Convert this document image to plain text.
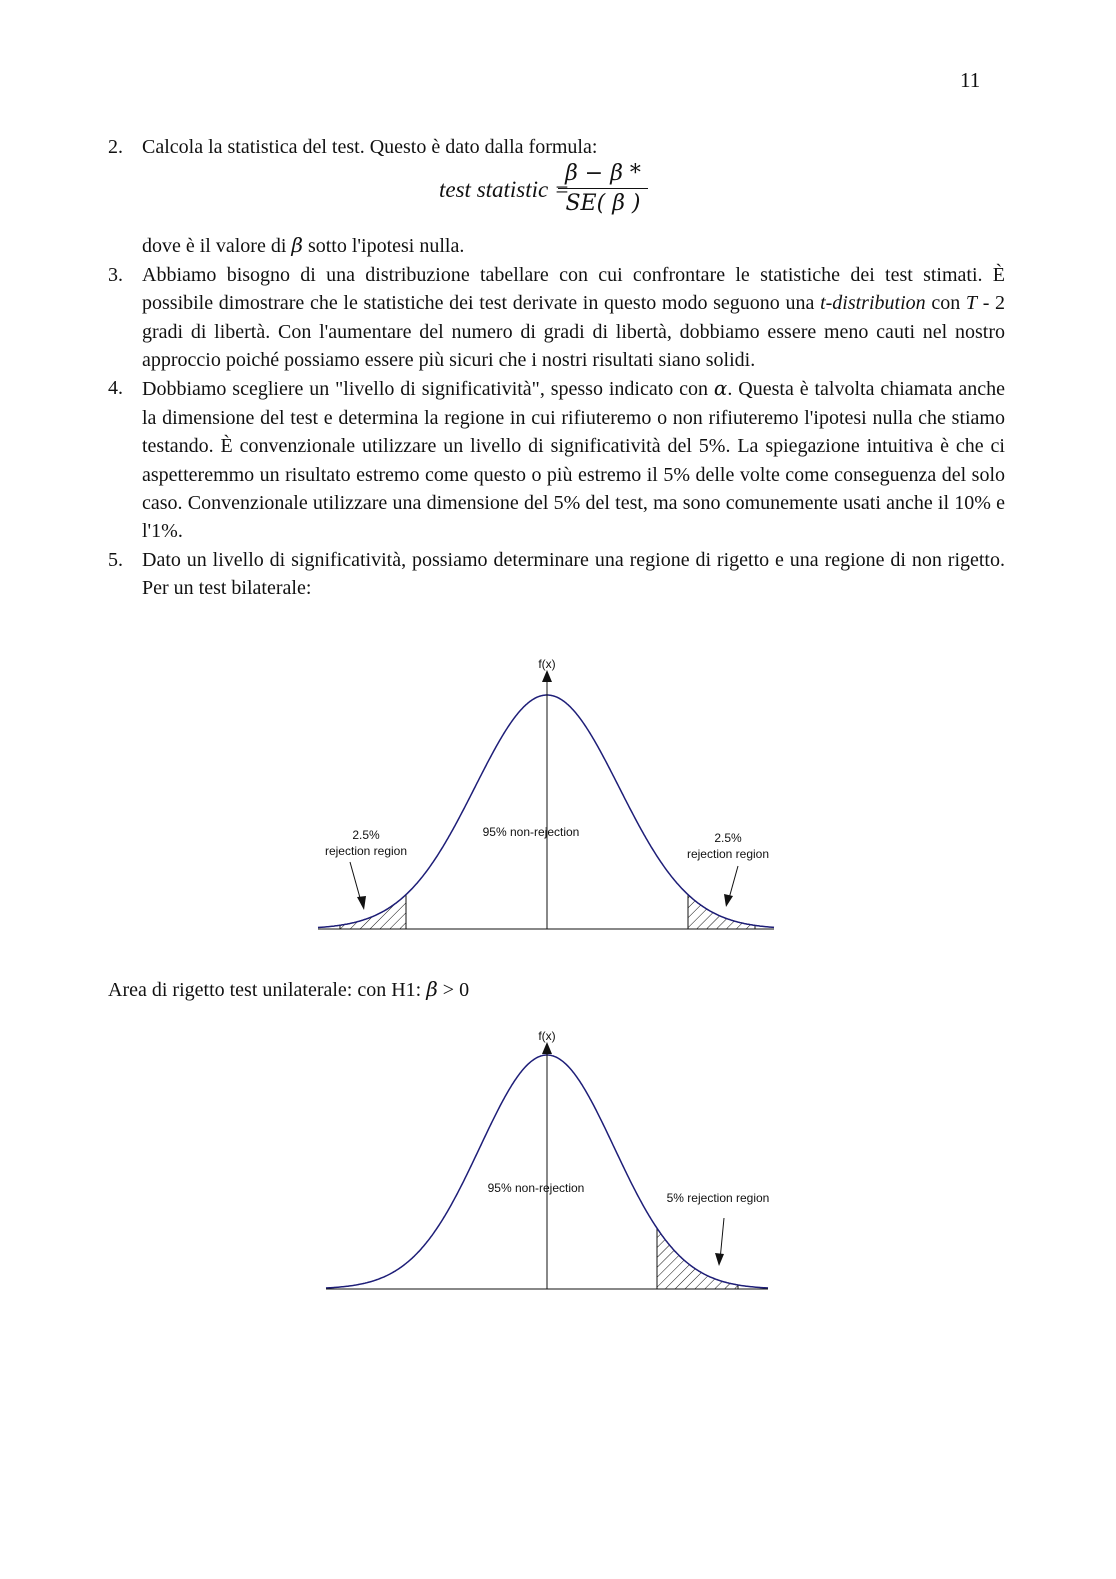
11
2. Calcola la statistica del test. Questo è dato dalla formula:
test statistic =
$\frac{\beta - \beta *}{SE( \beta )}$
dove è il valore di β sotto l'ipotesi nulla.
3. Abbiamo bisogno di una distribuzione tabellare con cui confrontare le statistiche dei test stimati. È possibile dimostrare che le statistiche dei test derivate in questo modo seguono una t-distribution con T - 2 gradi di libertà. Con l'aumentare del numero di gradi di libertà, dobbiamo essere meno cauti nel nostro approccio poiché possiamo essere più sicuri che i nostri risultati siano solidi.
4. Dobbiamo scegliere un "livello di significatività", spesso indicato con α. Questa è talvolta chiamata anche la dimensione del test e determina la regione in cui rifiuteremo o non rifiuteremo l'ipotesi nulla che stiamo testando. È convenzionale utilizzare un livello di significatività del 5%. La spiegazione intuitiva è che ci aspetteremmo un risultato estremo come questo o più estremo il 5% delle volte come conseguenza del solo caso. Convenzionale utilizzare una dimensione del 5% del test, ma sono comunemente usati anche il 10% e l'1%.
5. Dato un livello di significatività, possiamo determinare una regione di rigetto e una regione di non rigetto. Per un test bilaterale:
f(x)
2.5%
rejection region
95% non-rejection	2.5%
rejection region
Area di rigetto test unilaterale: con H1: β > 0
f(x)
95% non-rejection
5% rejection region
